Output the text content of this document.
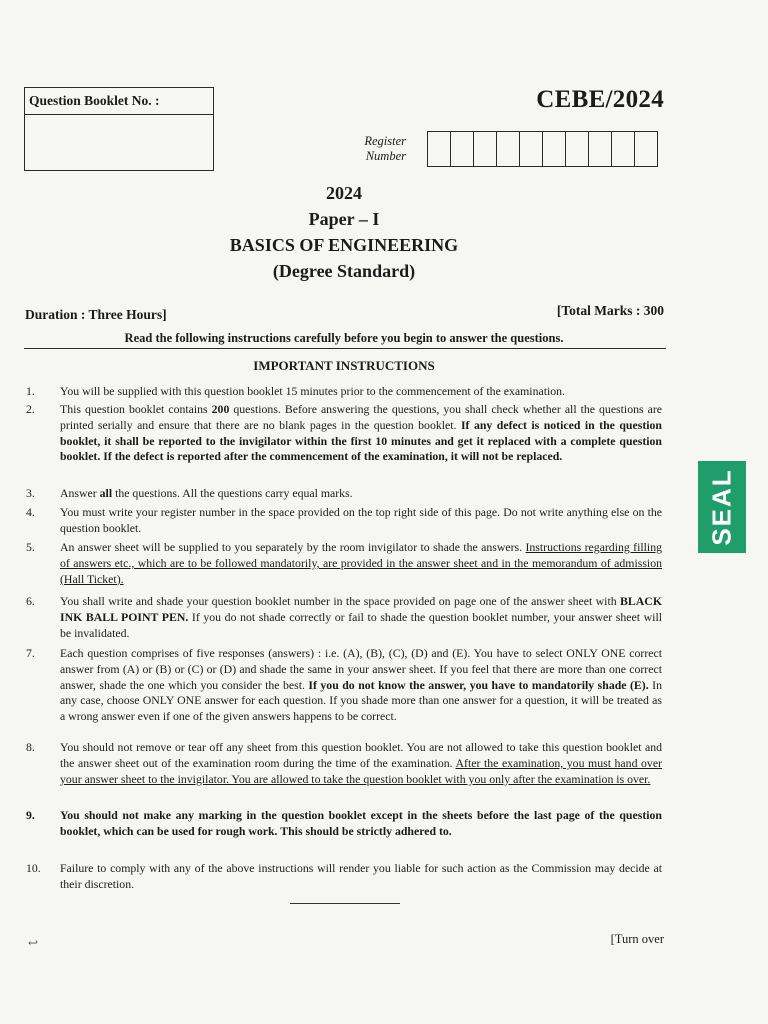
Question Booklet No. :	CEBE/2024
Register
Number
2024
Paper – I
BASICS OF ENGINEERING
(Degree Standard)
Duration : Three Hours]	[Total Marks : 300
Read the following instructions carefully before you begin to answer the questions.
IMPORTANT INSTRUCTIONS
1.	You will be supplied with this question booklet 15 minutes prior to the commencement of the examination.
2.	This question booklet contains 200 questions. Before answering the questions, you shall check whether all the questions are printed serially and ensure that there are no blank pages in the question booklet. If any defect is noticed in the question booklet, it shall be reported to the invigilator within the first 10 minutes and get it replaced with a complete question booklet. If the defect is reported after the commencement of the examination, it will not be replaced.
3.	Answer all the questions. All the questions carry equal marks.
4.	You must write your register number in the space provided on the top right side of this page. Do not write anything else on the question booklet.
5.	An answer sheet will be supplied to you separately by the room invigilator to shade the answers. Instructions regarding filling of answers etc., which are to be followed mandatorily, are provided in the answer sheet and in the memorandum of admission (Hall Ticket).
6.	You shall write and shade your question booklet number in the space provided on page one of the answer sheet with BLACK INK BALL POINT PEN. If you do not shade correctly or fail to shade the question booklet number, your answer sheet will be invalidated.
7.	Each question comprises of five responses (answers) : i.e. (A), (B), (C), (D) and (E). You have to select ONLY ONE correct answer from (A) or (B) or (C) or (D) and shade the same in your answer sheet. If you feel that there are more than one correct answer, shade the one which you consider the best. If you do not know the answer, you have to mandatorily shade (E). In any case, choose ONLY ONE answer for each question. If you shade more than one answer for a question, it will be treated as a wrong answer even if one of the given answers happens to be correct.
8.	You should not remove or tear off any sheet from this question booklet. You are not allowed to take this question booklet and the answer sheet out of the examination room during the time of the examination. After the examination, you must hand over your answer sheet to the invigilator. You are allowed to take the question booklet with you only after the examination is over.
9.	You should not make any marking in the question booklet except in the sheets before the last page of the question booklet, which can be used for rough work. This should be strictly adhered to.
10.	Failure to comply with any of the above instructions will render you liable for such action as the Commission may decide at their discretion.
↩	[Turn over
SEAL
